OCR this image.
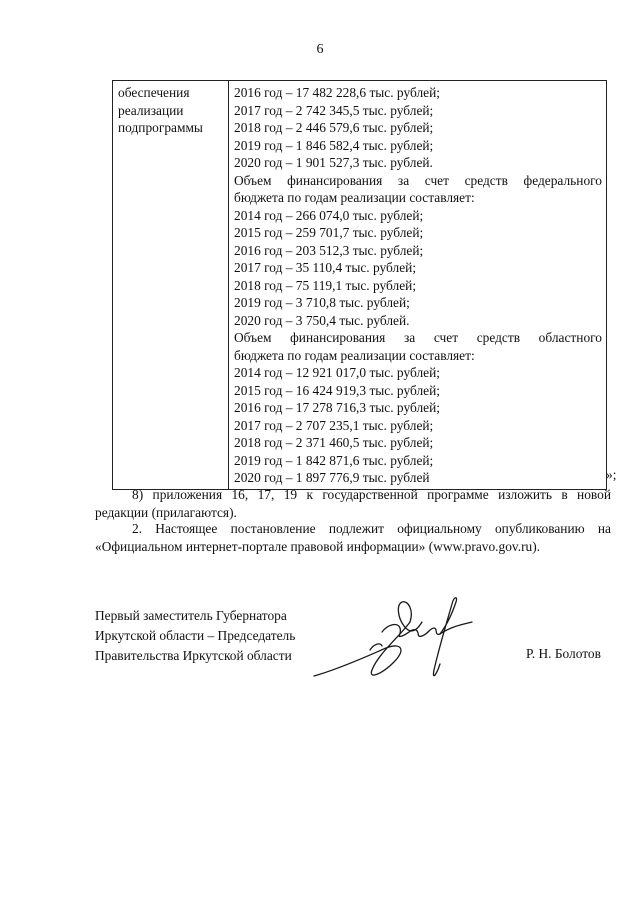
6
обеспечения
реализации
подпрограммы

2016 год – 17 482 228,6 тыс. рублей;
2017 год – 2 742 345,5 тыс. рублей;
2018 год – 2 446 579,6 тыс. рублей;
2019 год – 1 846 582,4 тыс. рублей;
2020 год – 1 901 527,3 тыс. рублей.
Объем финансирования за счет средств федерального
бюджета по годам реализации составляет:
2014 год – 266 074,0 тыс. рублей;
2015 год – 259 701,7 тыс. рублей;
2016 год – 203 512,3 тыс. рублей;
2017 год – 35 110,4 тыс. рублей;
2018 год – 75 119,1 тыс. рублей;
2019 год – 3 710,8 тыс. рублей;
2020 год – 3 750,4 тыс. рублей.
Объем финансирования за счет средств областного
бюджета по годам реализации составляет:
2014 год – 12 921 017,0 тыс. рублей;
2015 год – 16 424 919,3 тыс. рублей;
2016 год – 17 278 716,3 тыс. рублей;
2017 год – 2 707 235,1 тыс. рублей;
2018 год – 2 371 460,5 тыс. рублей;
2019 год – 1 842 871,6 тыс. рублей;
2020 год – 1 897 776,9 тыс. рублей	»;

8) приложения 16, 17, 19 к государственной программе изложить в новой
редакции (прилагаются).

2. Настоящее постановление подлежит официальному опубликованию на
«Официальном интернет-портале правовой информации» (www.pravo.gov.ru).

Первый заместитель Губернатора
Иркутской области – Председатель
Правительства Иркутской области	Р. Н. Болотов
